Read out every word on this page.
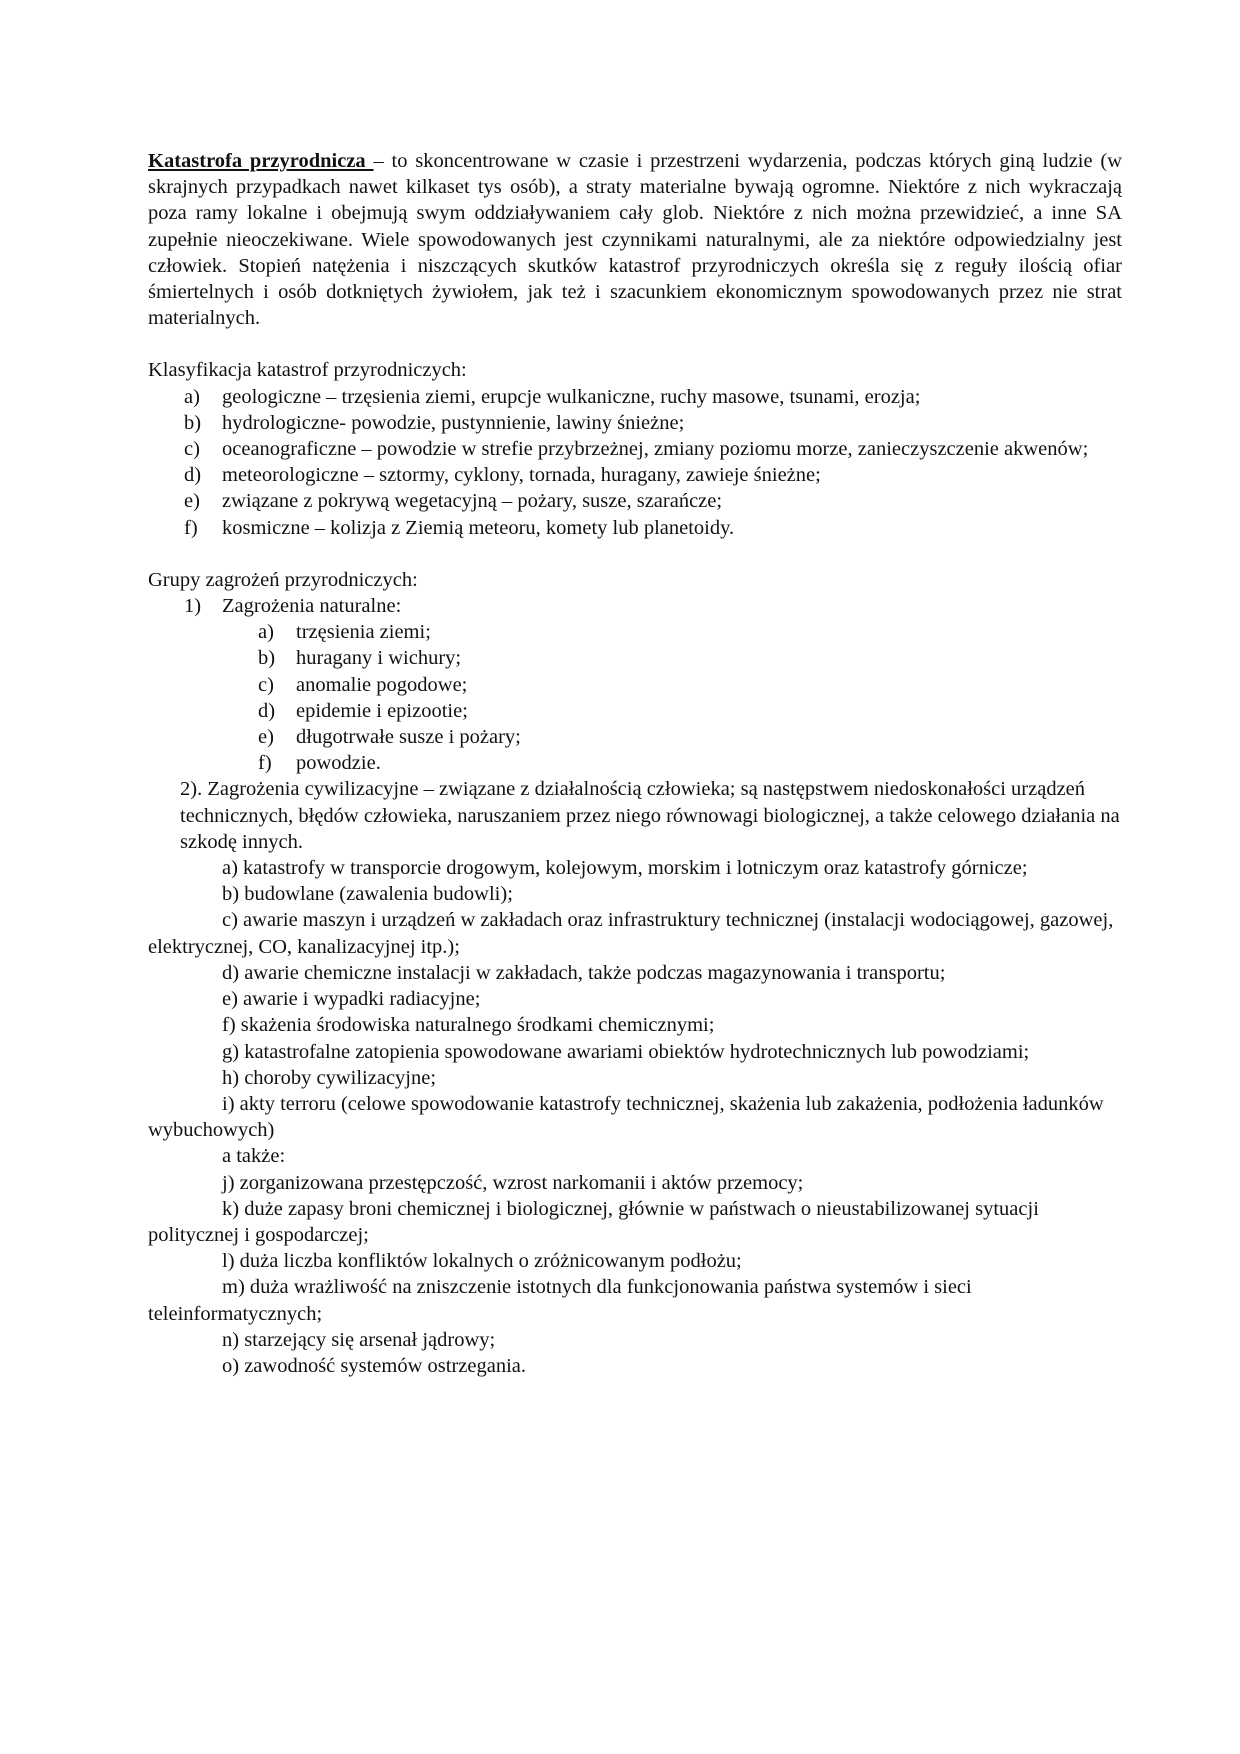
Katastrofa przyrodnicza – to skoncentrowane w czasie i przestrzeni wydarzenia, podczas których giną ludzie (w skrajnych przypadkach nawet kilkaset tys osób), a straty materialne bywają ogromne. Niektóre z nich wykraczają poza ramy lokalne i obejmują swym oddziaływaniem cały glob. Niektóre z nich można przewidzieć, a inne SA zupełnie nieoczekiwane. Wiele spowodowanych jest czynnikami naturalnymi, ale za niektóre odpowiedzialny jest człowiek. Stopień natężenia i niszczących skutków katastrof przyrodniczych określa się z reguły ilością ofiar śmiertelnych i osób dotkniętych żywiołem, jak też i szacunkiem ekonomicznym spowodowanych przez nie strat materialnych.

Klasyfikacja katastrof przyrodniczych:

a)	geologiczne – trzęsienia ziemi, erupcje wulkaniczne, ruchy masowe, tsunami, erozja;
b)	hydrologiczne- powodzie, pustynnienie, lawiny śnieżne;
c)	oceanograficzne – powodzie w strefie przybrzeżnej, zmiany poziomu morze, zanieczyszczenie akwenów;
d)	meteorologiczne – sztormy, cyklony, tornada, huragany, zawieje śnieżne;
e)	związane z pokrywą wegetacyjną – pożary, susze, szarańcze;
f)	kosmiczne – kolizja z Ziemią meteoru, komety lub planetoidy.

Grupy zagrożeń przyrodniczych:

1)	Zagrożenia naturalne:
a)	trzęsienia ziemi;
b)	huragany i wichury;
c)	anomalie pogodowe;
d)	epidemie i epizootie;
e)	długotrwałe susze i pożary;
f)	powodzie.

2). Zagrożenia cywilizacyjne – związane z działalnością człowieka; są następstwem niedoskonałości urządzeń technicznych, błędów człowieka, naruszaniem przez niego równowagi biologicznej, a także celowego działania na szkodę innych.

a) katastrofy w transporcie drogowym, kolejowym, morskim i lotniczym oraz katastrofy górnicze;

b) budowlane (zawalenia budowli);

c) awarie maszyn i urządzeń w zakładach oraz infrastruktury technicznej (instalacji wodociągowej, gazowej, elektrycznej, CO, kanalizacyjnej itp.);

d) awarie chemiczne instalacji w zakładach, także podczas magazynowania i transportu;

e) awarie i wypadki radiacyjne;

f) skażenia środowiska naturalnego środkami chemicznymi;

g) katastrofalne zatopienia spowodowane awariami obiektów hydrotechnicznych lub powodziami;

h) choroby cywilizacyjne;

i) akty terroru (celowe spowodowanie katastrofy technicznej, skażenia lub zakażenia, podłożenia ładunków wybuchowych)

a także:

j) zorganizowana przestępczość, wzrost narkomanii i aktów przemocy;

k) duże zapasy broni chemicznej i biologicznej, głównie w państwach o nieustabilizowanej sytuacji politycznej i gospodarczej;

l) duża liczba konfliktów lokalnych o zróżnicowanym podłożu;

m) duża wrażliwość na zniszczenie istotnych dla funkcjonowania państwa systemów i sieci teleinformatycznych;

n) starzejący się arsenał jądrowy;

o) zawodność systemów ostrzegania.
